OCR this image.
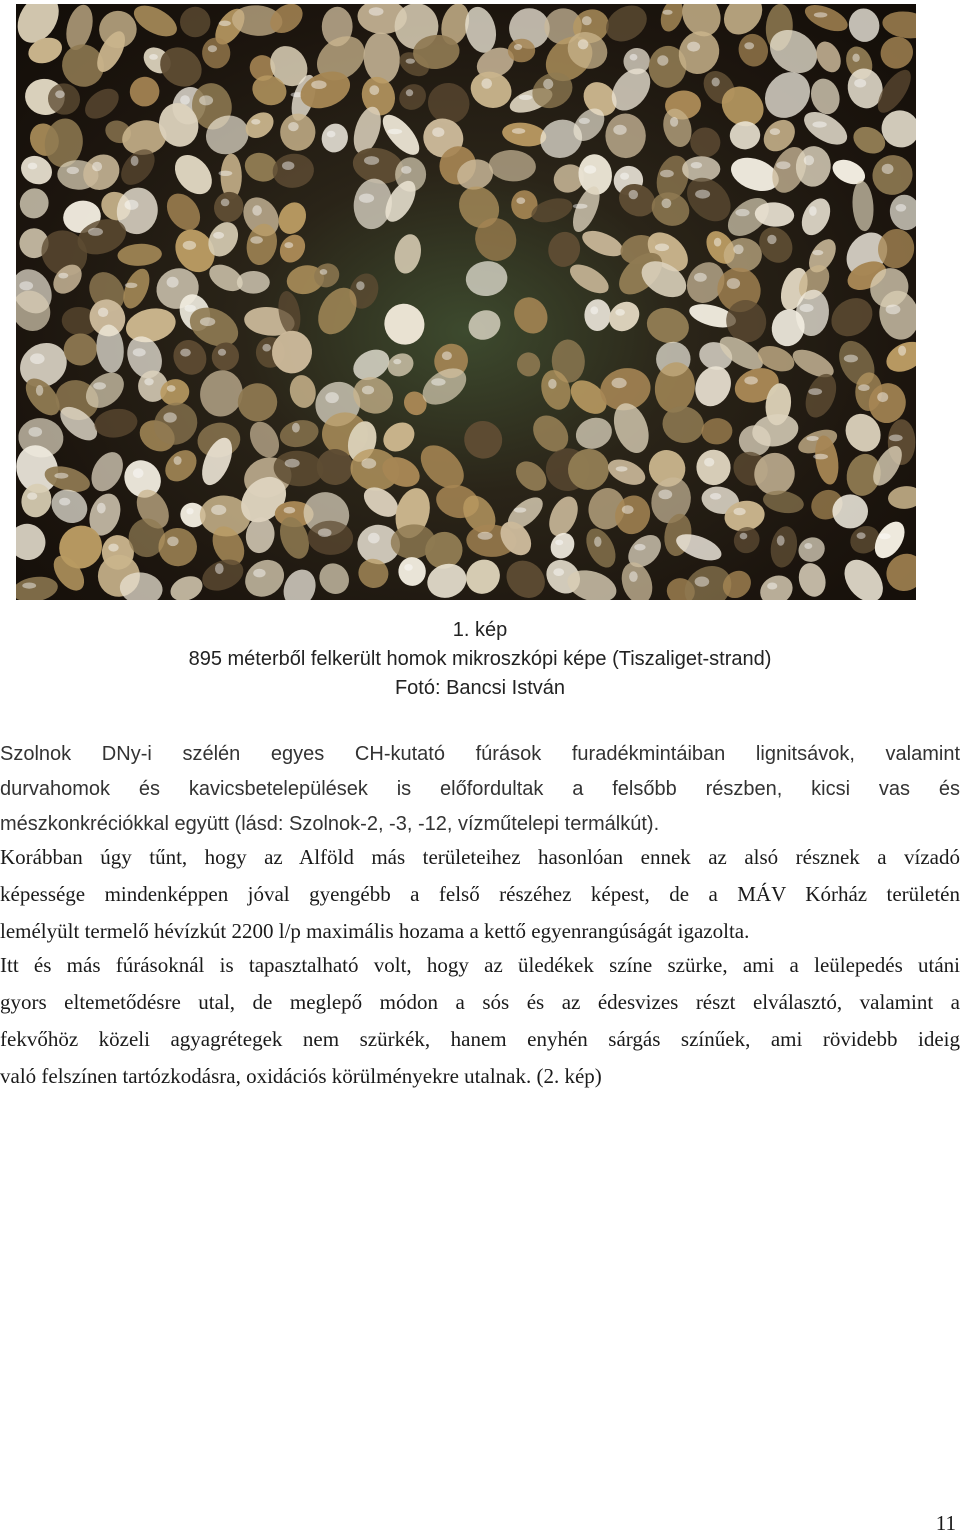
1. kép
895 méterből felkerült homok mikroszkópi képe (Tiszaliget-strand)
Fotó: Bancsi István
Szolnok DNy-i szélén egyes CH-kutató fúrások furadékmintáiban lignitsávok, valamint
durvahomok és kavicsbetelepülések is előfordultak a felsőbb részben, kicsi vas és
mészkonkréciókkal együtt (lásd: Szolnok-2, -3, -12, vízműtelepi termálkút).
Korábban úgy tűnt, hogy az Alföld más területeihez hasonlóan ennek az alsó résznek a vízadó
képessége mindenképpen jóval gyengébb a felső részéhez képest, de a MÁV Kórház területén
lemélyült termelő hévízkút 2200 l/p maximális hozama a kettő egyenrangúságát igazolta.
Itt és más fúrásoknál is tapasztalható volt, hogy az üledékek színe szürke, ami a leülepedés utáni
gyors eltemetődésre utal, de meglepő módon a sós és az édesvizes részt elválasztó, valamint a
fekvőhöz közeli agyagrétegek nem szürkék, hanem enyhén sárgás színűek, ami rövidebb ideig
való felszínen tartózkodásra, oxidációs körülményekre utalnak. (2. kép)
11
